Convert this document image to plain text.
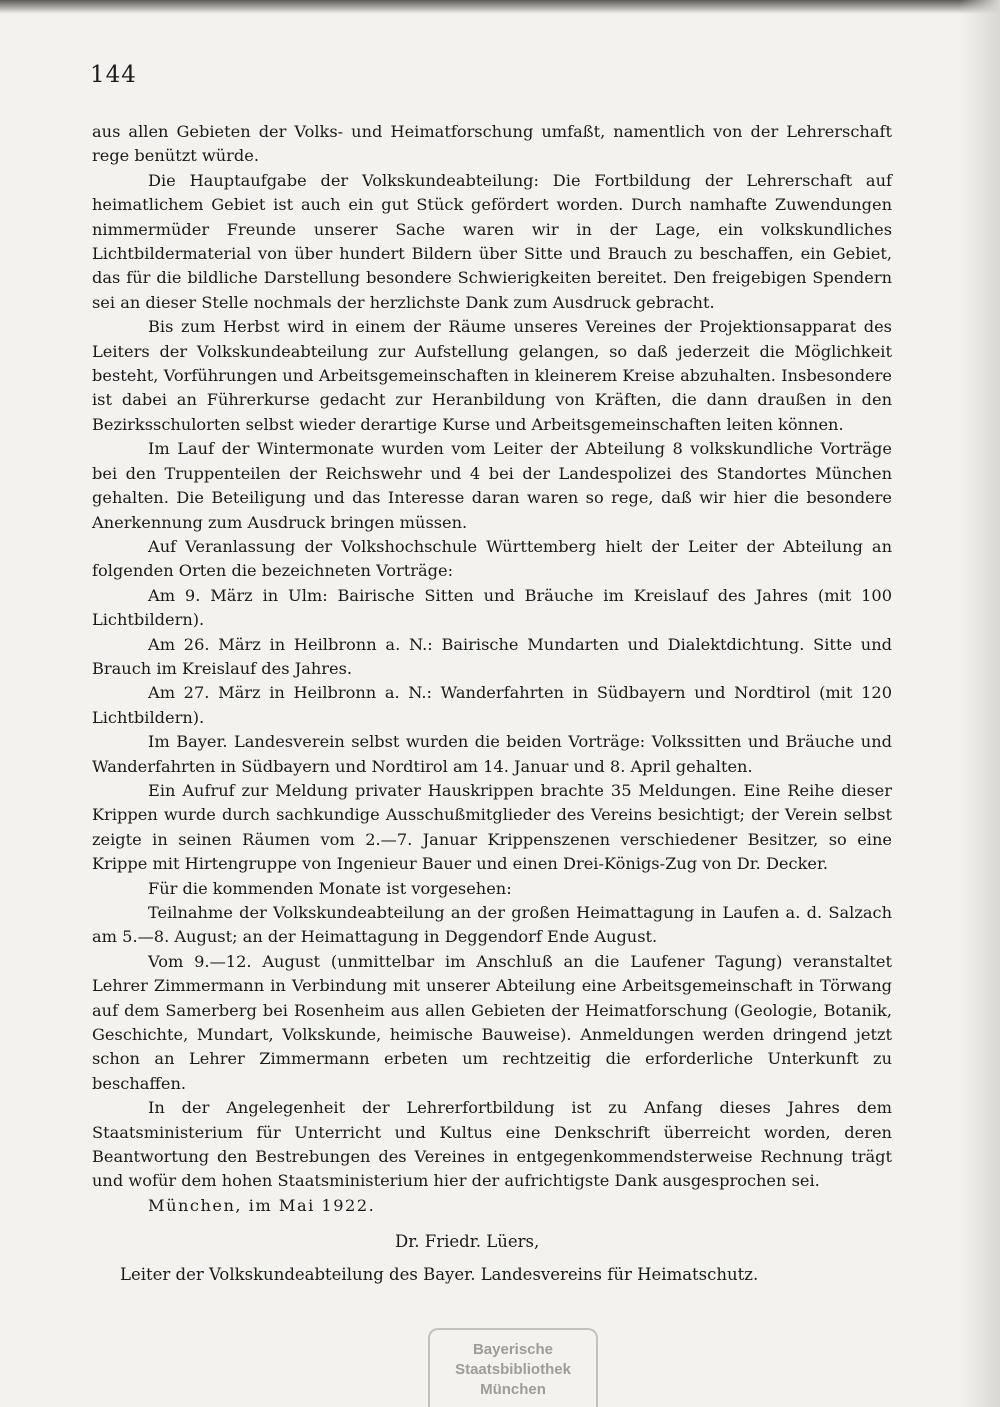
144

aus allen Gebieten der Volks- und Heimatforschung umfaßt, namentlich von der Lehrerschaft rege benützt würde.

Die Hauptaufgabe der Volkskundeabteilung: Die Fortbildung der Lehrerschaft auf heimatlichem Gebiet ist auch ein gut Stück gefördert worden. Durch namhafte Zuwendungen nimmermüder Freunde unserer Sache waren wir in der Lage, ein volkskundliches Lichtbildermaterial von über hundert Bildern über Sitte und Brauch zu beschaffen, ein Gebiet, das für die bildliche Darstellung besondere Schwierigkeiten bereitet. Den freigebigen Spendern sei an dieser Stelle nochmals der herzlichste Dank zum Ausdruck gebracht.

Bis zum Herbst wird in einem der Räume unseres Vereines der Projektionsapparat des Leiters der Volkskundeabteilung zur Aufstellung gelangen, so daß jederzeit die Möglichkeit besteht, Vorführungen und Arbeitsgemeinschaften in kleinerem Kreise abzuhalten. Insbesondere ist dabei an Führerkurse gedacht zur Heranbildung von Kräften, die dann draußen in den Bezirksschulorten selbst wieder derartige Kurse und Arbeitsgemeinschaften leiten können.

Im Lauf der Wintermonate wurden vom Leiter der Abteilung 8 volkskundliche Vorträge bei den Truppenteilen der Reichswehr und 4 bei der Landespolizei des Standortes München gehalten. Die Beteiligung und das Interesse daran waren so rege, daß wir hier die besondere Anerkennung zum Ausdruck bringen müssen.

Auf Veranlassung der Volkshochschule Württemberg hielt der Leiter der Abteilung an folgenden Orten die bezeichneten Vorträge:

Am 9. März in Ulm: Bairische Sitten und Bräuche im Kreislauf des Jahres (mit 100 Lichtbildern).

Am 26. März in Heilbronn a. N.: Bairische Mundarten und Dialektdichtung. Sitte und Brauch im Kreislauf des Jahres.

Am 27. März in Heilbronn a. N.: Wanderfahrten in Südbayern und Nordtirol (mit 120 Lichtbildern).

Im Bayer. Landesverein selbst wurden die beiden Vorträge: Volkssitten und Bräuche und Wanderfahrten in Südbayern und Nordtirol am 14. Januar und 8. April gehalten.

Ein Aufruf zur Meldung privater Hauskrippen brachte 35 Meldungen. Eine Reihe dieser Krippen wurde durch sachkundige Ausschußmitglieder des Vereins besichtigt; der Verein selbst zeigte in seinen Räumen vom 2.—7. Januar Krippenszenen verschiedener Besitzer, so eine Krippe mit Hirtengruppe von Ingenieur Bauer und einen Drei-Königs-Zug von Dr. Decker.

Für die kommenden Monate ist vorgesehen:

Teilnahme der Volkskundeabteilung an der großen Heimattagung in Laufen a. d. Salzach am 5.—8. August; an der Heimattagung in Deggendorf Ende August.

Vom 9.—12. August (unmittelbar im Anschluß an die Laufener Tagung) veranstaltet Lehrer Zimmermann in Verbindung mit unserer Abteilung eine Arbeitsgemeinschaft in Törwang auf dem Samerberg bei Rosenheim aus allen Gebieten der Heimatforschung (Geologie, Botanik, Geschichte, Mundart, Volkskunde, heimische Bauweise). Anmeldungen werden dringend jetzt schon an Lehrer Zimmermann erbeten um rechtzeitig die erforderliche Unterkunft zu beschaffen.

In der Angelegenheit der Lehrerfortbildung ist zu Anfang dieses Jahres dem Staatsministerium für Unterricht und Kultus eine Denkschrift überreicht worden, deren Beantwortung den Bestrebungen des Vereines in entgegenkommendsterweise Rechnung trägt und wofür dem hohen Staatsministerium hier der aufrichtigste Dank ausgesprochen sei.

München, im Mai 1922.

Dr. Friedr. Lüers,
Leiter der Volkskundeabteilung des Bayer. Landesvereins für Heimatschutz.
Bayerische
Staatsbibliothek
München
